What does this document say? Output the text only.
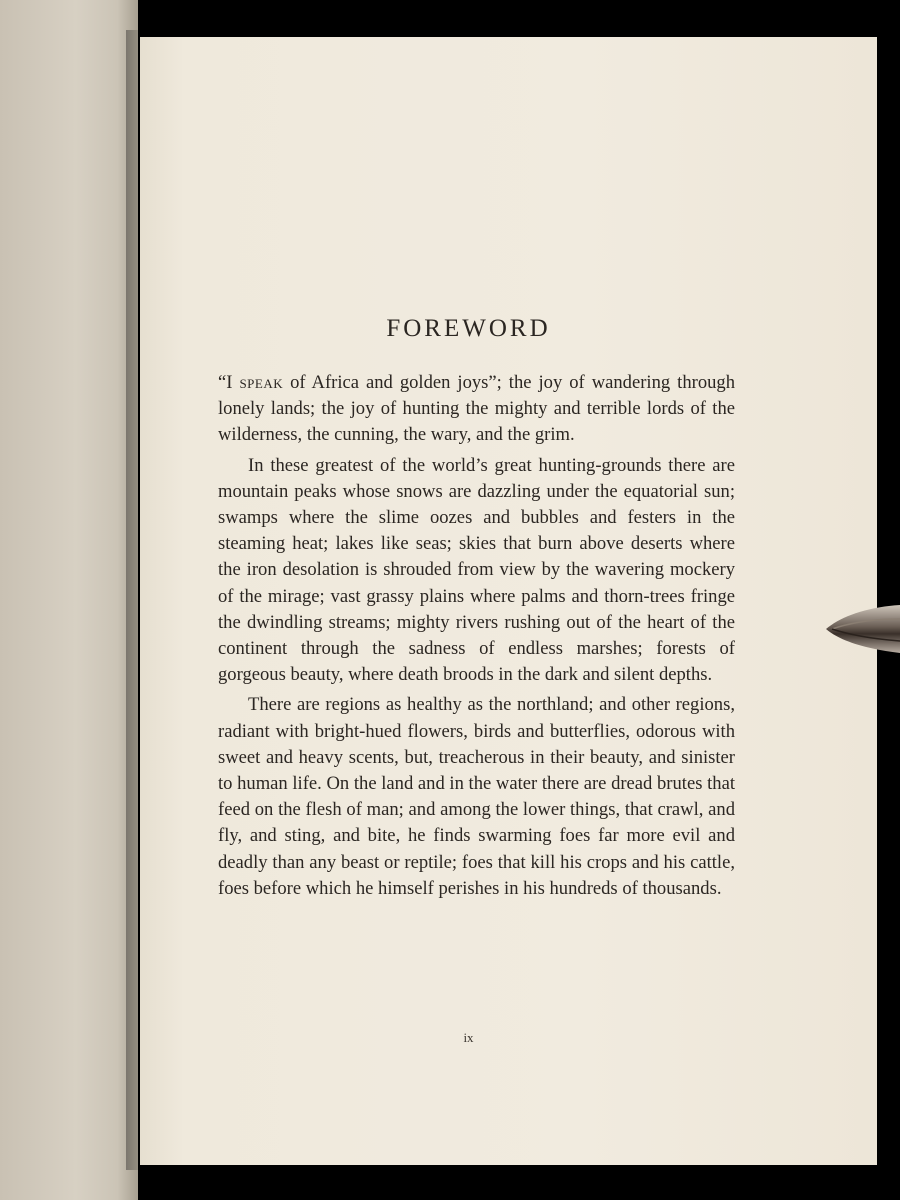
FOREWORD

“I speak of Africa and golden joys”; the joy of wandering through lonely lands; the joy of hunting the mighty and terrible lords of the wilderness, the cunning, the wary, and the grim.

In these greatest of the world’s great hunting-grounds there are mountain peaks whose snows are dazzling under the equatorial sun; swamps where the slime oozes and bubbles and festers in the steaming heat; lakes like seas; skies that burn above deserts where the iron desolation is shrouded from view by the wavering mockery of the mirage; vast grassy plains where palms and thorn-trees fringe the dwindling streams; mighty rivers rushing out of the heart of the continent through the sadness of endless marshes; forests of gorgeous beauty, where death broods in the dark and silent depths.

There are regions as healthy as the northland; and other regions, radiant with bright-hued flowers, birds and butterflies, odorous with sweet and heavy scents, but, treacherous in their beauty, and sinister to human life. On the land and in the water there are dread brutes that feed on the flesh of man; and among the lower things, that crawl, and fly, and sting, and bite, he finds swarming foes far more evil and deadly than any beast or reptile; foes that kill his crops and his cattle, foes before which he himself perishes in his hundreds of thousands.

ix
